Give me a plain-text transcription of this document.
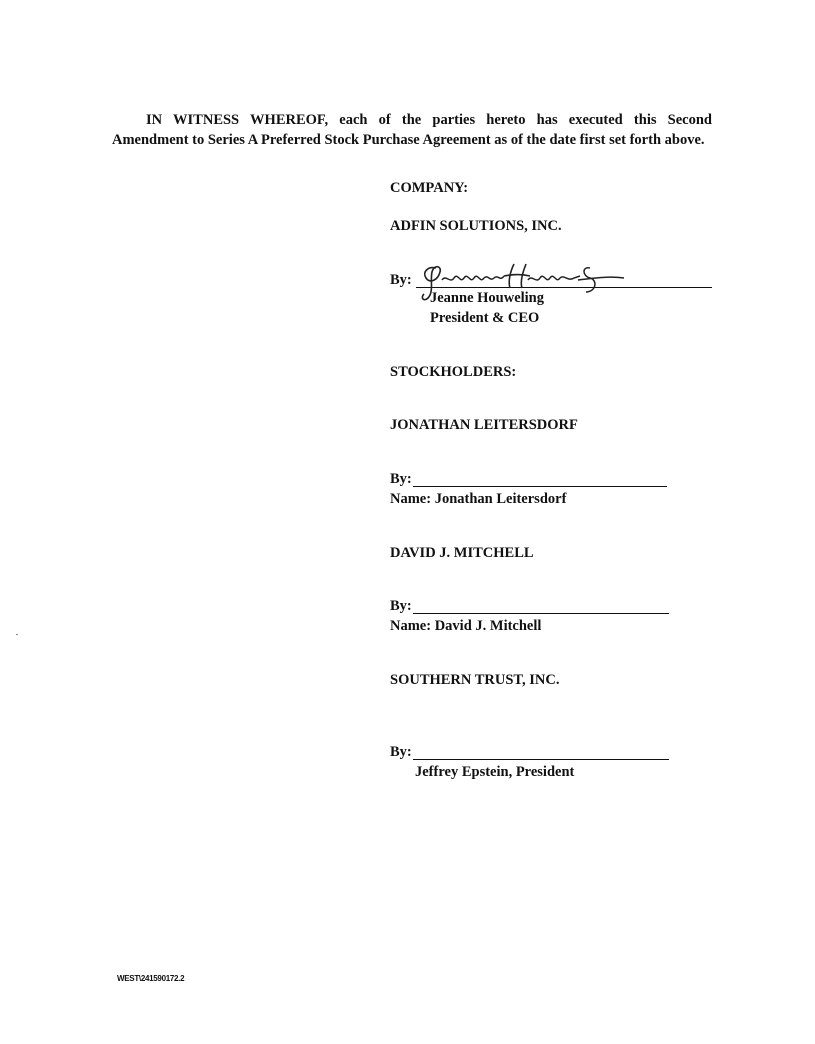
IN WITNESS WHEREOF, each of the parties hereto has executed this Second
Amendment to Series A Preferred Stock Purchase Agreement as of the date first set forth above.
COMPANY:
ADFIN SOLUTIONS, INC.
By:
Jeanne Houweling
President & CEO
STOCKHOLDERS:
JONATHAN LEITERSDORF
By:
Name: Jonathan Leitersdorf
DAVID J. MITCHELL
By:
Name: David J. Mitchell
SOUTHERN TRUST, INC.
By:
Jeffrey Epstein, President
WEST\241590172.2
